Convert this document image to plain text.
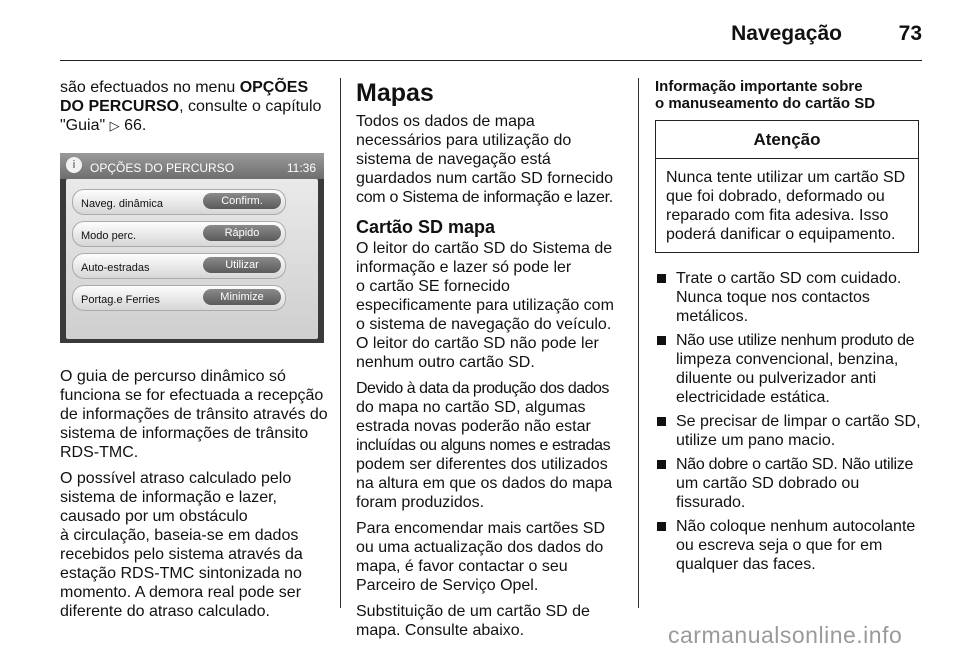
Navegação	73

são efectuados no menu OPÇÕES
DO PERCURSO, consulte o capítulo
"Guia" ▷ 66.

i	OPÇÕES DO PERCURSO	11:36
Naveg. dinâmica	Confirm.
Modo perc.	Rápido
Auto-estradas	Utilizar
Portag.e Ferries	Minimize

O guia de percurso dinâmico só
funciona se for efectuada a recepção
de informações de trânsito através do
sistema de informações de trânsito
RDS-TMC.

O possível atraso calculado pelo
sistema de informação e lazer,
causado por um obstáculo
à circulação, baseia-se em dados
recebidos pelo sistema através da
estação RDS-TMC sintonizada no
momento. A demora real pode ser
diferente do atraso calculado.

Mapas

Todos os dados de mapa
necessários para utilização do
sistema de navegação está
guardados num cartão SD fornecido
com o Sistema de informação e lazer.

Cartão SD mapa

O leitor do cartão SD do Sistema de
informação e lazer só pode ler
o cartão SE fornecido
especificamente para utilização com
o sistema de navegação do veículo.
O leitor do cartão SD não pode ler
nenhum outro cartão SD.

Devido à data da produção dos dados
do mapa no cartão SD, algumas
estrada novas poderão não estar
incluídas ou alguns nomes e estradas
podem ser diferentes dos utilizados
na altura em que os dados do mapa
foram produzidos.

Para encomendar mais cartões SD
ou uma actualização dos dados do
mapa, é favor contactar o seu
Parceiro de Serviço Opel.

Substituição de um cartão SD de
mapa. Consulte abaixo.

Informação importante sobre
o manuseamento do cartão SD
Atenção
Nunca tente utilizar um cartão SD
que foi dobrado, deformado ou
reparado com fita adesiva. Isso
poderá danificar o equipamento.
Trate o cartão SD com cuidado.
Nunca toque nos contactos
metálicos.
Não use utilize nenhum produto de
limpeza convencional, benzina,
diluente ou pulverizador anti
electricidade estática.
Se precisar de limpar o cartão SD,
utilize um pano macio.
Não dobre o cartão SD. Não utilize
um cartão SD dobrado ou
fissurado.
Não coloque nenhum autocolante
ou escreva seja o que for em
qualquer das faces.
carmanualsonline.info
